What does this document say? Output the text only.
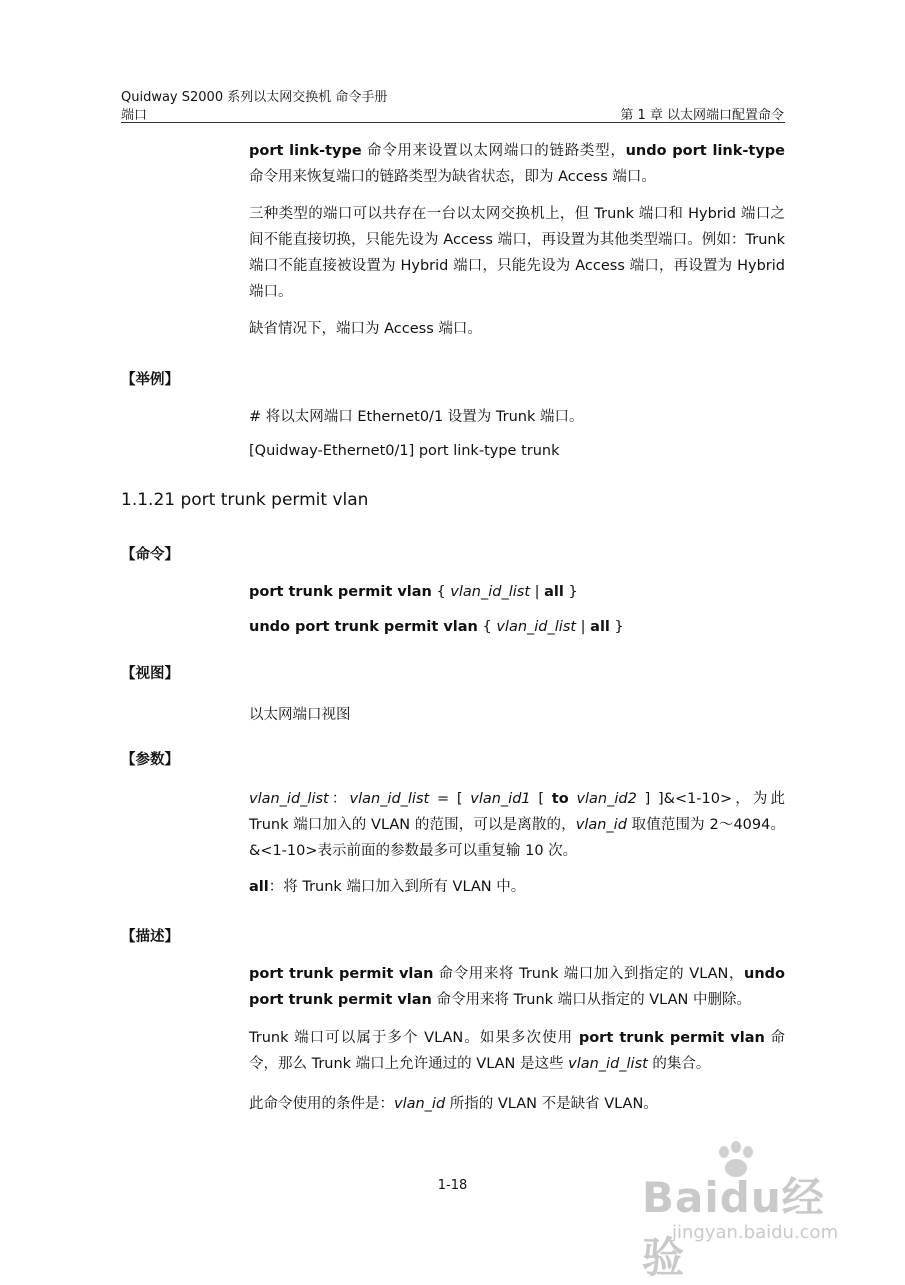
Quidway S2000 系列以太网交换机 命令手册
端口	第 1 章 以太网端口配置命令
port link-type 命令用来设置以太网端口的链路类型，undo port link-type 命令用来恢复端口的链路类型为缺省状态，即为 Access 端口。
三种类型的端口可以共存在一台以太网交换机上，但 Trunk 端口和 Hybrid 端口之间不能直接切换，只能先设为 Access 端口，再设置为其他类型端口。例如：Trunk 端口不能直接被设置为 Hybrid 端口，只能先设为 Access 端口，再设置为 Hybrid 端口。
缺省情况下，端口为 Access 端口。
【举例】
# 将以太网端口 Ethernet0/1 设置为 Trunk 端口。
[Quidway-Ethernet0/1] port link-type trunk
1.1.21 port trunk permit vlan
【命令】
port trunk permit vlan { vlan_id_list | all }
undo port trunk permit vlan { vlan_id_list | all }
【视图】
以太网端口视图
【参数】
vlan_id_list：vlan_id_list = [ vlan_id1 [ to vlan_id2 ] ]&<1-10>，为此 Trunk 端口加入的 VLAN 的范围，可以是离散的，vlan_id 取值范围为 2～4094。&<1-10>表示前面的参数最多可以重复输 10 次。
all：将 Trunk 端口加入到所有 VLAN 中。
【描述】
port trunk permit vlan 命令用来将 Trunk 端口加入到指定的 VLAN，undo port trunk permit vlan 命令用来将 Trunk 端口从指定的 VLAN 中删除。
Trunk 端口可以属于多个 VLAN。如果多次使用 port trunk permit vlan 命令，那么 Trunk 端口上允许通过的 VLAN 是这些 vlan_id_list 的集合。
此命令使用的条件是：vlan_id 所指的 VLAN 不是缺省 VLAN。
1-18	Baidu经验
jingyan.baidu.com
